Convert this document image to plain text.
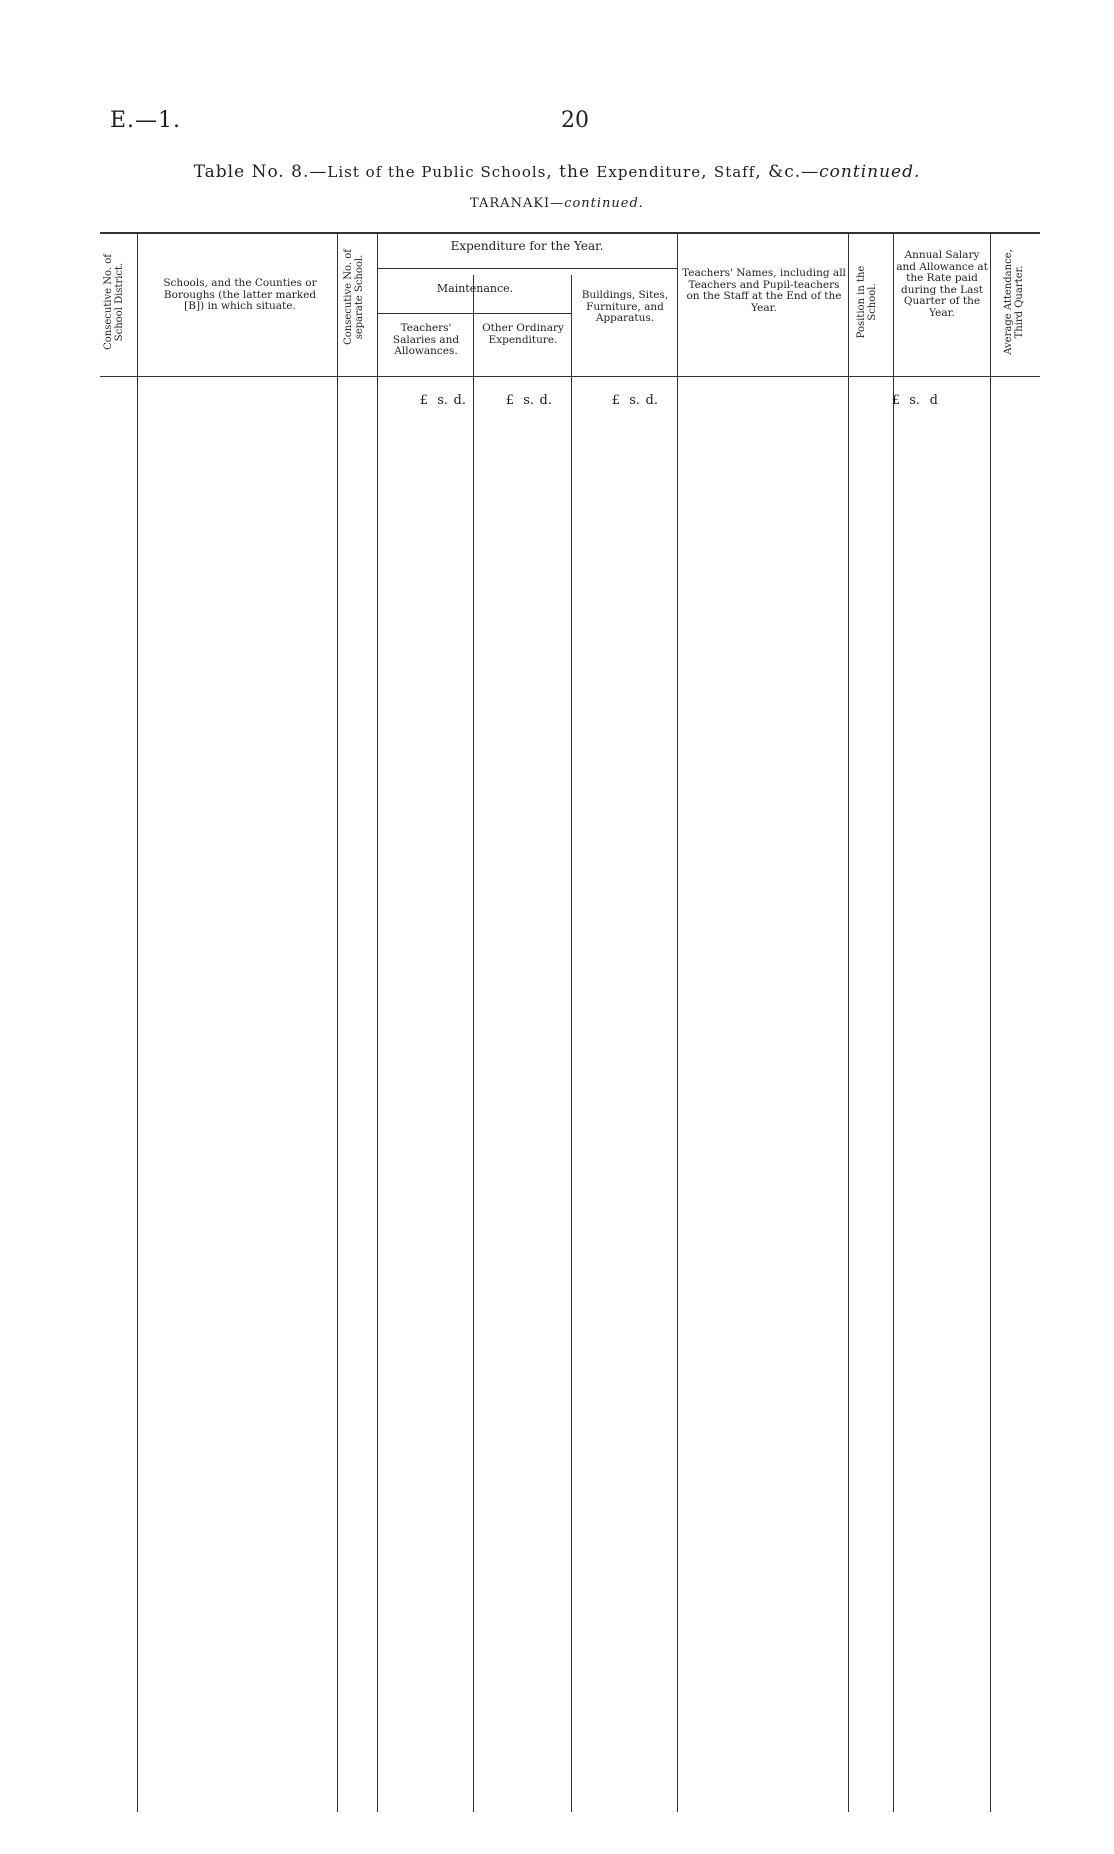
E.—1.	20
Table No. 8.—List of the Public Schools, the Expenditure, Staff, &c.—continued.
TARANAKI—continued.
Consecutive No. of School District.	Schools, and the Counties or Boroughs (the latter marked [B]) in which situate.	Consecutive No. of separate School.
Expenditure for the Year.
Maintenance.
Teachers' Salaries and Allowances.
Other Ordinary Expenditure.
Buildings, Sites, Furniture, and Apparatus.
Teachers' Names, including all Teachers and Pupil-teachers on the Staff at the End of the Year.	Position in the School.
Annual Salary and Allowance at the Rate paid during the Last Quarter of the Year.	Average Attendance, Third Quarter.
£ s. d.	£ s. d.	£ s. d.	£ s. d
